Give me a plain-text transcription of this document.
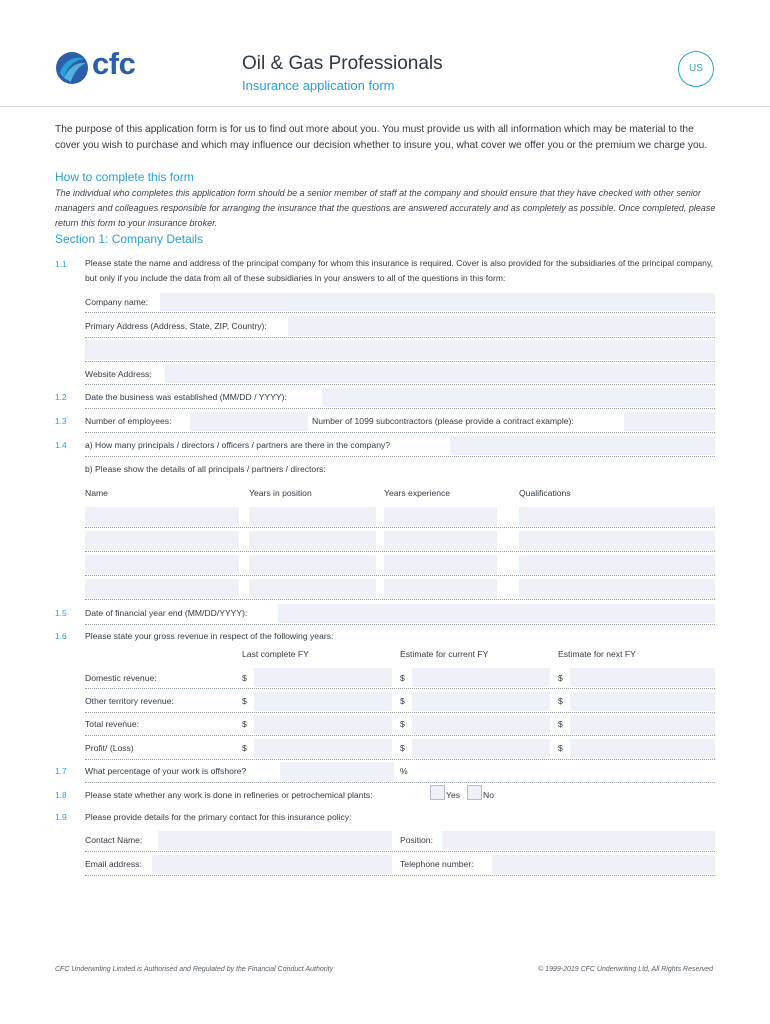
cfc	Oil & Gas Professionals
Insurance application form
US
The purpose of this application form is for us to find out more about you. You must provide us with all information which may be material to the cover you wish to purchase and which may influence our decision whether to insure you, what cover we offer you or the premium we charge you.
How to complete this form
The individual who completes this application form should be a senior member of staff at the company and should ensure that they have checked with other senior managers and colleagues responsible for arranging the insurance that the questions are answered accurately and as completely as possible. Once completed, please return this form to your insurance broker.
Section 1: Company Details
1.1 Please state the name and address of the principal company for whom this insurance is required. Cover is also provided for the subsidiaries of the principal company, but only if you include the data from all of these subsidiaries in your answers to all of the questions in this form:
Company name:
Primary Address (Address, State, ZIP, Country):
Website Address:
1.2 Date the business was established (MM/DD / YYYY):
1.3 Number of employees:	Number of 1099 subcontractors (please provide a contract example):
1.4 a) How many principals / directors / officers / partners are there in the company?
b) Please show the details of all principals / partners / directors:
Name	Years in position	Years experience	Qualifications
1.5 Date of financial year end (MM/DD/YYYY):
1.6 Please state your gross revenue in respect of the following years:
Last complete FY	Estimate for current FY	Estimate for next FY
Domestic revenue:	$	$	$
Other territory revenue:	$	$	$
Total revenue:	$	$	$
Profit/ (Loss)	$	$	$
1.7 What percentage of your work is offshore?	%
1.8 Please state whether any work is done in refineries or petrochemical plants:	Yes	No
1.9 Please provide details for the primary contact for this insurance policy:
Contact Name:	Position:
Email address:	Telephone number:
CFC Underwriting Limited is Authorised and Regulated by the Financial Conduct Authority	© 1999-2019 CFC Underwriting Ltd, All Rights Reserved
